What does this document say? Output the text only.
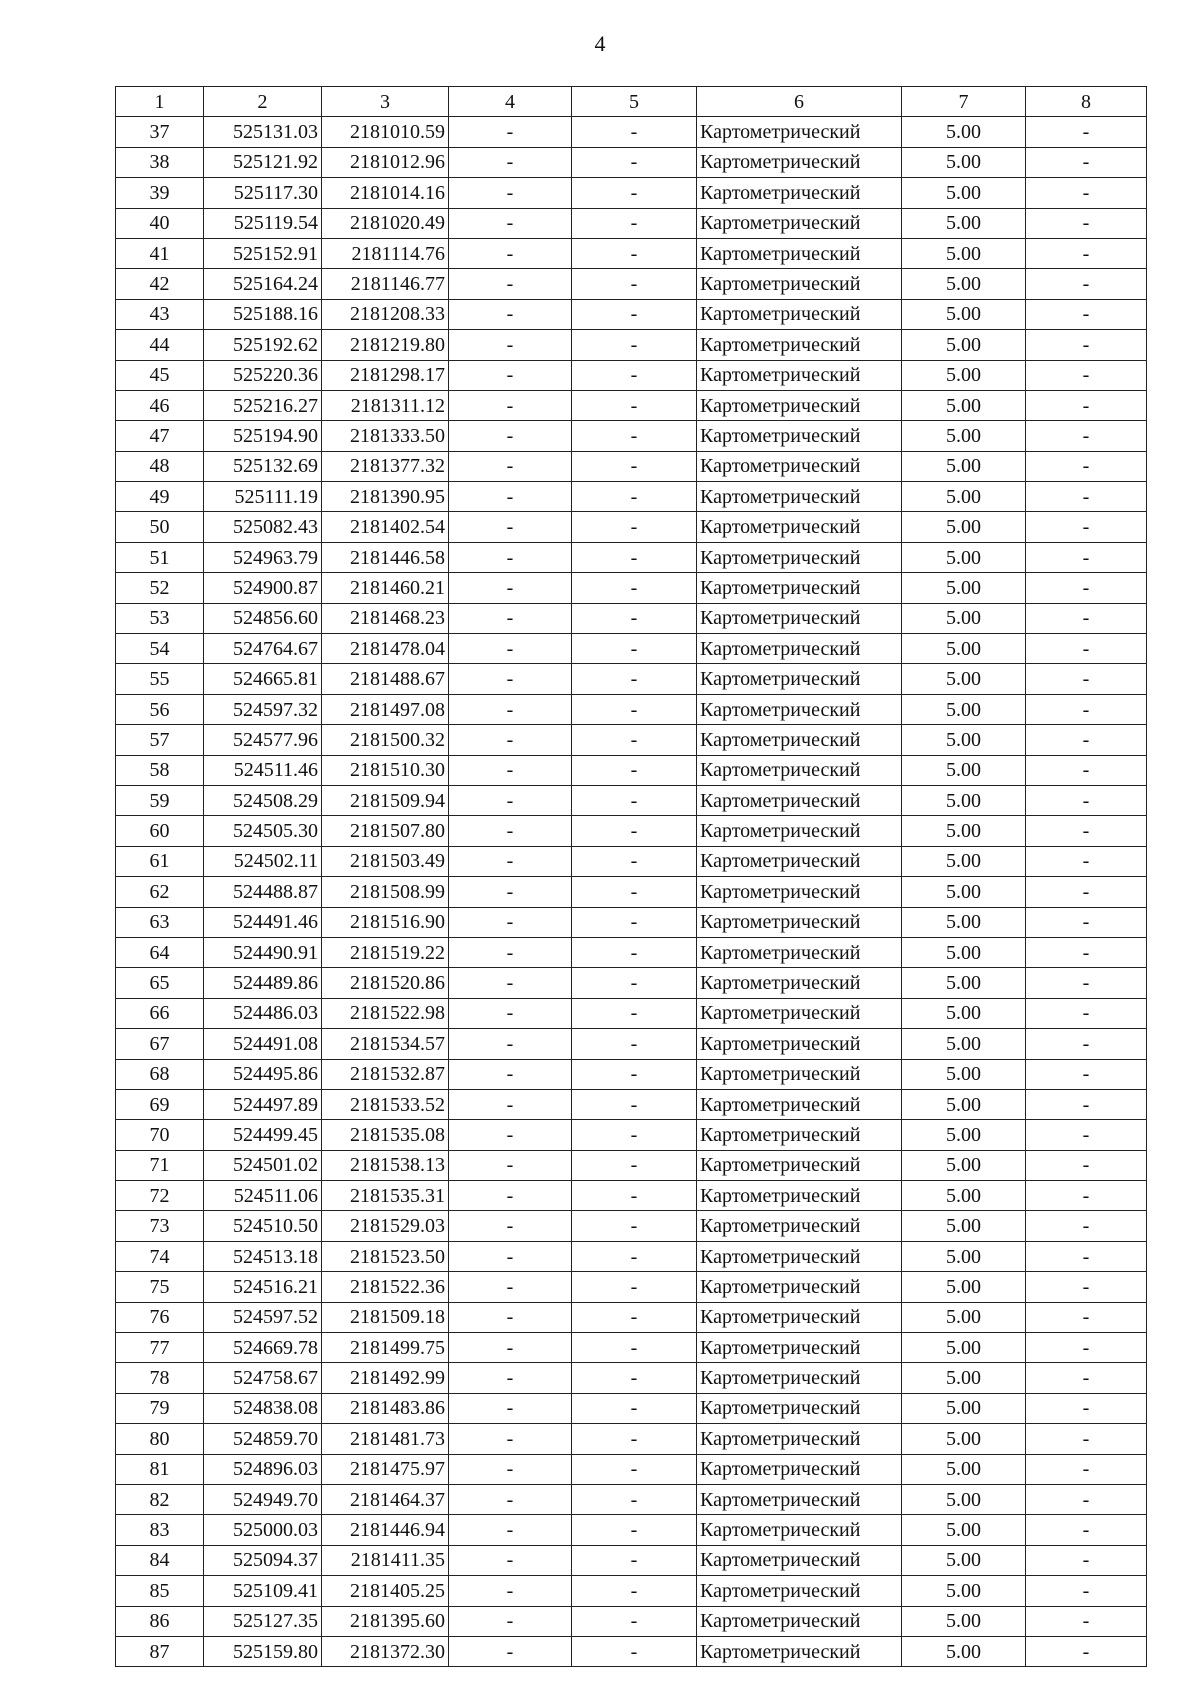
4
1	2	3	4	5	6	7	8
37	525131.03	2181010.59	-	-	Картометрический	5.00	-
38	525121.92	2181012.96	-	-	Картометрический	5.00	-
39	525117.30	2181014.16	-	-	Картометрический	5.00	-
40	525119.54	2181020.49	-	-	Картометрический	5.00	-
41	525152.91	2181114.76	-	-	Картометрический	5.00	-
42	525164.24	2181146.77	-	-	Картометрический	5.00	-
43	525188.16	2181208.33	-	-	Картометрический	5.00	-
44	525192.62	2181219.80	-	-	Картометрический	5.00	-
45	525220.36	2181298.17	-	-	Картометрический	5.00	-
46	525216.27	2181311.12	-	-	Картометрический	5.00	-
47	525194.90	2181333.50	-	-	Картометрический	5.00	-
48	525132.69	2181377.32	-	-	Картометрический	5.00	-
49	525111.19	2181390.95	-	-	Картометрический	5.00	-
50	525082.43	2181402.54	-	-	Картометрический	5.00	-
51	524963.79	2181446.58	-	-	Картометрический	5.00	-
52	524900.87	2181460.21	-	-	Картометрический	5.00	-
53	524856.60	2181468.23	-	-	Картометрический	5.00	-
54	524764.67	2181478.04	-	-	Картометрический	5.00	-
55	524665.81	2181488.67	-	-	Картометрический	5.00	-
56	524597.32	2181497.08	-	-	Картометрический	5.00	-
57	524577.96	2181500.32	-	-	Картометрический	5.00	-
58	524511.46	2181510.30	-	-	Картометрический	5.00	-
59	524508.29	2181509.94	-	-	Картометрический	5.00	-
60	524505.30	2181507.80	-	-	Картометрический	5.00	-
61	524502.11	2181503.49	-	-	Картометрический	5.00	-
62	524488.87	2181508.99	-	-	Картометрический	5.00	-
63	524491.46	2181516.90	-	-	Картометрический	5.00	-
64	524490.91	2181519.22	-	-	Картометрический	5.00	-
65	524489.86	2181520.86	-	-	Картометрический	5.00	-
66	524486.03	2181522.98	-	-	Картометрический	5.00	-
67	524491.08	2181534.57	-	-	Картометрический	5.00	-
68	524495.86	2181532.87	-	-	Картометрический	5.00	-
69	524497.89	2181533.52	-	-	Картометрический	5.00	-
70	524499.45	2181535.08	-	-	Картометрический	5.00	-
71	524501.02	2181538.13	-	-	Картометрический	5.00	-
72	524511.06	2181535.31	-	-	Картометрический	5.00	-
73	524510.50	2181529.03	-	-	Картометрический	5.00	-
74	524513.18	2181523.50	-	-	Картометрический	5.00	-
75	524516.21	2181522.36	-	-	Картометрический	5.00	-
76	524597.52	2181509.18	-	-	Картометрический	5.00	-
77	524669.78	2181499.75	-	-	Картометрический	5.00	-
78	524758.67	2181492.99	-	-	Картометрический	5.00	-
79	524838.08	2181483.86	-	-	Картометрический	5.00	-
80	524859.70	2181481.73	-	-	Картометрический	5.00	-
81	524896.03	2181475.97	-	-	Картометрический	5.00	-
82	524949.70	2181464.37	-	-	Картометрический	5.00	-
83	525000.03	2181446.94	-	-	Картометрический	5.00	-
84	525094.37	2181411.35	-	-	Картометрический	5.00	-
85	525109.41	2181405.25	-	-	Картометрический	5.00	-
86	525127.35	2181395.60	-	-	Картометрический	5.00	-
87	525159.80	2181372.30	-	-	Картометрический	5.00	-
